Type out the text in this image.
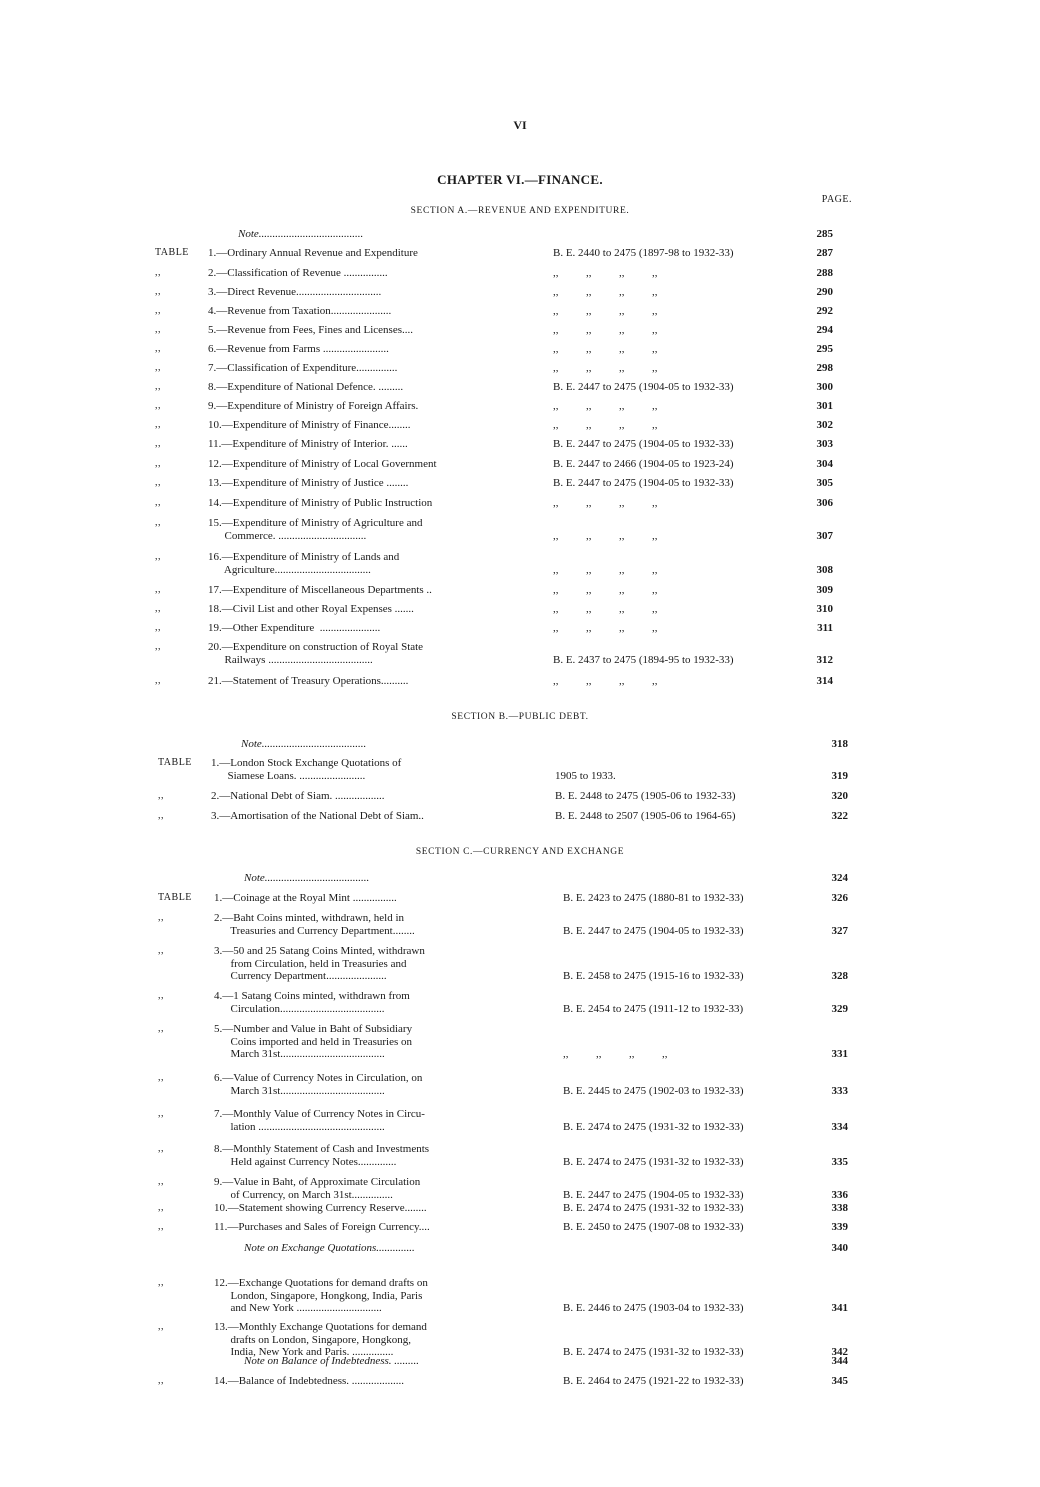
VI
CHAPTER VI.—FINANCE.
PAGE.
SECTION A.—REVENUE AND EXPENDITURE.
Note......................................	285
TABLE 1.—Ordinary Annual Revenue and Expenditure	B. E. 2440 to 2475 (1897-98 to 1932-33)	287
,,	2.—Classification of Revenue ................	,,          ,,          ,,          ,,	288
,,	3.—Direct Revenue...............................	,,          ,,          ,,          ,,	290
,,	4.—Revenue from Taxation......................	,,          ,,          ,,          ,,	292
,,	5.—Revenue from Fees, Fines and Licenses....	,,          ,,          ,,          ,,	294
,,	6.—Revenue from Farms ........................	,,          ,,          ,,          ,,	295
,,	7.—Classification of Expenditure...............	,,          ,,          ,,          ,,	298
,,	8.—Expenditure of National Defence. .........	B. E. 2447 to 2475 (1904-05 to 1932-33)	300
,,	9.—Expenditure of Ministry of Foreign Affairs.	,,          ,,          ,,          ,,	301
,,	10.—Expenditure of Ministry of Finance........	,,          ,,          ,,          ,,	302
,,	11.—Expenditure of Ministry of Interior. ......	B. E. 2447 to 2475 (1904-05 to 1932-33)	303
,,	12.—Expenditure of Ministry of Local Government	B. E. 2447 to 2466 (1904-05 to 1923-24)	304
,,	13.—Expenditure of Ministry of Justice ........	B. E. 2447 to 2475 (1904-05 to 1932-33)	305
,,	14.—Expenditure of Ministry of Public Instruction	,,          ,,          ,,          ,,	306
,,	15.—Expenditure of Ministry of Agriculture and
Commerce. ................................	,,          ,,          ,,          ,,	307
,,	16.—Expenditure of Ministry of Lands and
Agriculture...................................	,,          ,,          ,,          ,,	308
,,	17.—Expenditure of Miscellaneous Departments ..	,,          ,,          ,,          ,,	309
,,	18.—Civil List and other Royal Expenses .......	,,          ,,          ,,          ,,	310
,,	19.—Other Expenditure  ......................	,,          ,,          ,,          ,,	311
,,	20.—Expenditure on construction of Royal State
Railways ......................................	B. E. 2437 to 2475 (1894-95 to 1932-33)	312
,,	21.—Statement of Treasury Operations..........	,,          ,,          ,,          ,,	314
SECTION B.—PUBLIC DEBT.
Note......................................	318
TABLE 1.—London Stock Exchange Quotations of
Siamese Loans. ........................	1905 to 1933.	319
,,	2.—National Debt of Siam. ..................	B. E. 2448 to 2475 (1905-06 to 1932-33)	320
,,	3.—Amortisation of the National Debt of Siam..	B. E. 2448 to 2507 (1905-06 to 1964-65)	322
SECTION C.—CURRENCY AND EXCHANGE
Note......................................	324
TABLE 1.—Coinage at the Royal Mint ................	B. E. 2423 to 2475 (1880-81 to 1932-33)	326
,,	2.—Baht Coins minted, withdrawn, held in
Treasuries and Currency Department........	B. E. 2447 to 2475 (1904-05 to 1932-33)	327
,,	3.—50 and 25 Satang Coins Minted, withdrawn
from Circulation, held in Treasuries and
Currency Department......................	B. E. 2458 to 2475 (1915-16 to 1932-33)	328
,,	4.—1 Satang Coins minted, withdrawn from
Circulation......................................	B. E. 2454 to 2475 (1911-12 to 1932-33)	329
,,	5.—Number and Value in Baht of Subsidiary
Coins imported and held in Treasuries on
March 31st......................................	,,          ,,          ,,          ,,	331
,,	6.—Value of Currency Notes in Circulation, on
March 31st......................................	B. E. 2445 to 2475 (1902-03 to 1932-33)	333
,,	7.—Monthly Value of Currency Notes in Circu-
lation ..............................................	B. E. 2474 to 2475 (1931-32 to 1932-33)	334
,,	8.—Monthly Statement of Cash and Investments
Held against Currency Notes..............	B. E. 2474 to 2475 (1931-32 to 1932-33)	335
,,	9.—Value in Baht, of Approximate Circulation
of Currency, on March 31st...............	B. E. 2447 to 2475 (1904-05 to 1932-33)	336
,,	10.—Statement showing Currency Reserve........	B. E. 2474 to 2475 (1931-32 to 1932-33)	338
,,	11.—Purchases and Sales of Foreign Currency....	B. E. 2450 to 2475 (1907-08 to 1932-33)	339
Note on Exchange Quotations..............	340
,,	12.—Exchange Quotations for demand drafts on
London, Singapore, Hongkong, India, Paris
and New York ...............................	B. E. 2446 to 2475 (1903-04 to 1932-33)	341
,,	13.—Monthly Exchange Quotations for demand
drafts on London, Singapore, Hongkong,
India, New York and Paris. ...............	B. E. 2474 to 2475 (1931-32 to 1932-33)	342
Note on Balance of Indebtedness. .........	344
,,	14.—Balance of Indebtedness. ...................	B. E. 2464 to 2475 (1921-22 to 1932-33)	345
